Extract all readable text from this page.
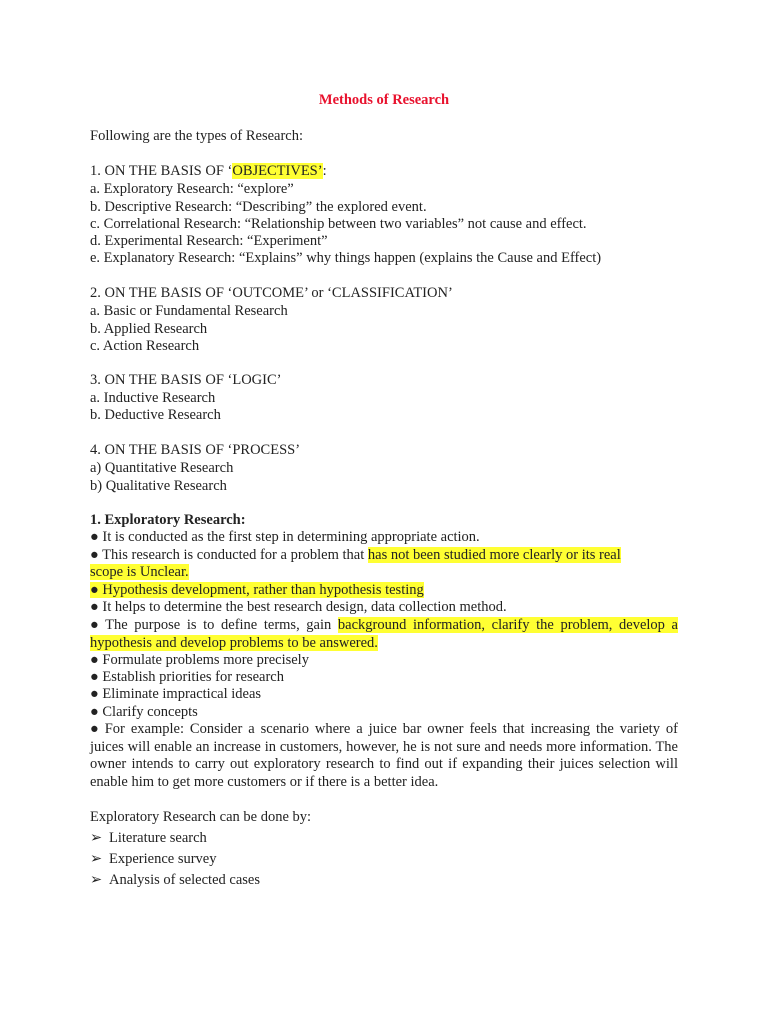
Methods of Research
Following are the types of Research:
1. ON THE BASIS OF ‘OBJECTIVES’:
a. Exploratory Research: “explore”
b. Descriptive Research: “Describing” the explored event.
c. Correlational Research: “Relationship between two variables” not cause and effect.
d. Experimental Research: “Experiment”
e. Explanatory Research: “Explains” why things happen (explains the Cause and Effect)
2. ON THE BASIS OF ‘OUTCOME’ or ‘CLASSIFICATION’
a. Basic or Fundamental Research
b. Applied Research
c. Action Research
3. ON THE BASIS OF ‘LOGIC’
a. Inductive Research
b. Deductive Research
4. ON THE BASIS OF ‘PROCESS’
a) Quantitative Research
b) Qualitative Research
1. Exploratory Research:
● It is conducted as the first step in determining appropriate action.
● This research is conducted for a problem that has not been studied more clearly or its real
scope is Unclear.
● Hypothesis development, rather than hypothesis testing
● It helps to determine the best research design, data collection method.
● The purpose is to define terms, gain background information, clarify the problem, develop a hypothesis and develop problems to be answered.
● Formulate problems more precisely
● Establish priorities for research
● Eliminate impractical ideas
● Clarify concepts
● For example: Consider a scenario where a juice bar owner feels that increasing the variety of juices will enable an increase in customers, however, he is not sure and needs more information. The owner intends to carry out exploratory research to find out if expanding their juices selection will enable him to get more customers or if there is a better idea.
Exploratory Research can be done by:
➢ Literature search
➢ Experience survey
➢ Analysis of selected cases
